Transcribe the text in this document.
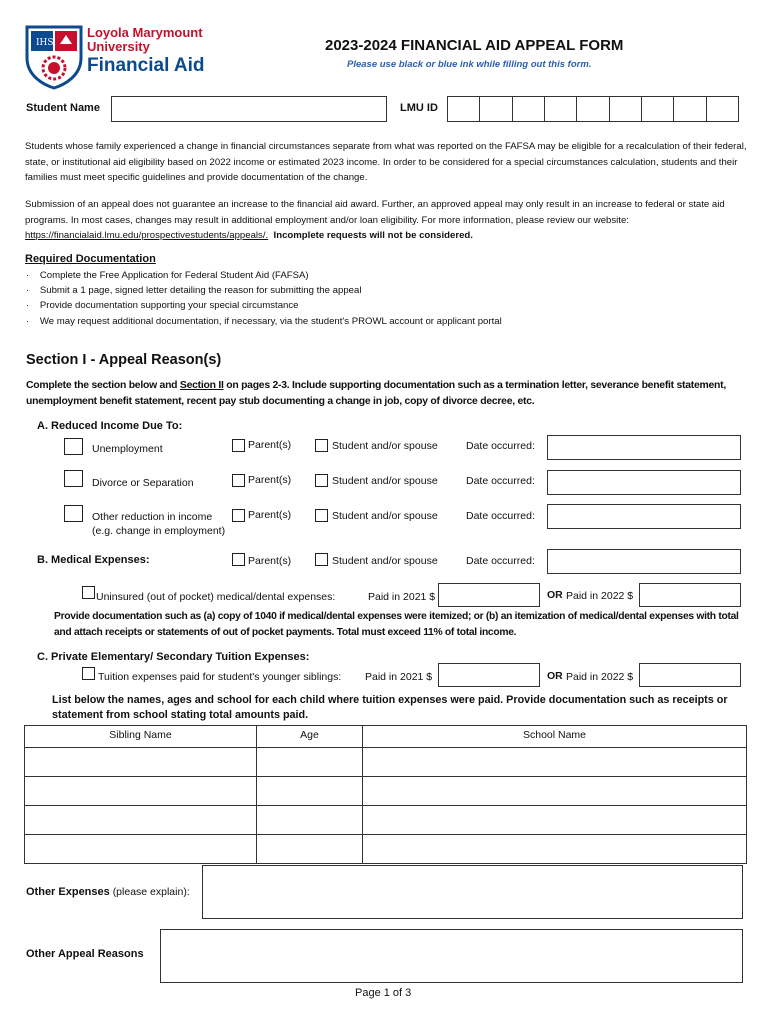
IHS
Loyola Marymount
University
Financial Aid
2023-2024 FINANCIAL AID APPEAL FORM
Please use black or blue ink while filling out this form.
Student Name	LMU ID
Students whose family experienced a change in financial circumstances separate from what was reported on the FAFSA may be eligible for a recalculation of their federal, state, or institutional aid eligibility based on 2022 income or estimated 2023 income. In order to be considered for a special circumstances calculation, students and their families must meet specific guidelines and provide documentation of the change.
Submission of an appeal does not guarantee an increase to the financial aid award. Further, an approved appeal may only result in an increase to federal or state aid programs. In most cases, changes may result in additional employment and/or loan eligibility. For more information, please review our website: https://financialaid.lmu.edu/prospectivestudents/appeals/. Incomplete requests will not be considered.
Required Documentation
·    Complete the Free Application for Federal Student Aid (FAFSA)
·    Submit a 1 page, signed letter detailing the reason for submitting the appeal
·    Provide documentation supporting your special circumstance
·    We may request additional documentation, if necessary, via the student's PROWL account or applicant portal
Section I - Appeal Reason(s)
Complete the section below and Section II on pages 2-3. Include supporting documentation such as a termination letter, severance benefit statement, unemployment benefit statement, recent pay stub documenting a change in job, copy of divorce decree, etc.
A. Reduced Income Due To:
Unemployment	Parent(s)	Student and/or spouse	Date occurred:
Divorce or Separation	Parent(s)	Student and/or spouse	Date occurred:
Other reduction in income
(e.g. change in employment)
Parent(s)	Student and/or spouse	Date occurred:
B. Medical Expenses:	Parent(s)	Student and/or spouse	Date occurred:
Uninsured (out of pocket) medical/dental expenses:	Paid in 2021 $	OR Paid in 2022 $
Provide documentation such as (a) copy of 1040 if medical/dental expenses were itemized; or (b) an itemization of medical/dental expenses with total and attach receipts or statements of out of pocket payments. Total must exceed 11% of total income.
C. Private Elementary/ Secondary Tuition Expenses:
Tuition expenses paid for student's younger siblings: Paid in 2021 $	OR Paid in 2022 $
List below the names, ages and school for each child where tuition expenses were paid. Provide documentation such as receipts or statement from school stating total amounts paid.
Sibling Name	Age	School Name

Other Expenses (please explain):
Other Appeal Reasons
Page 1 of 3
